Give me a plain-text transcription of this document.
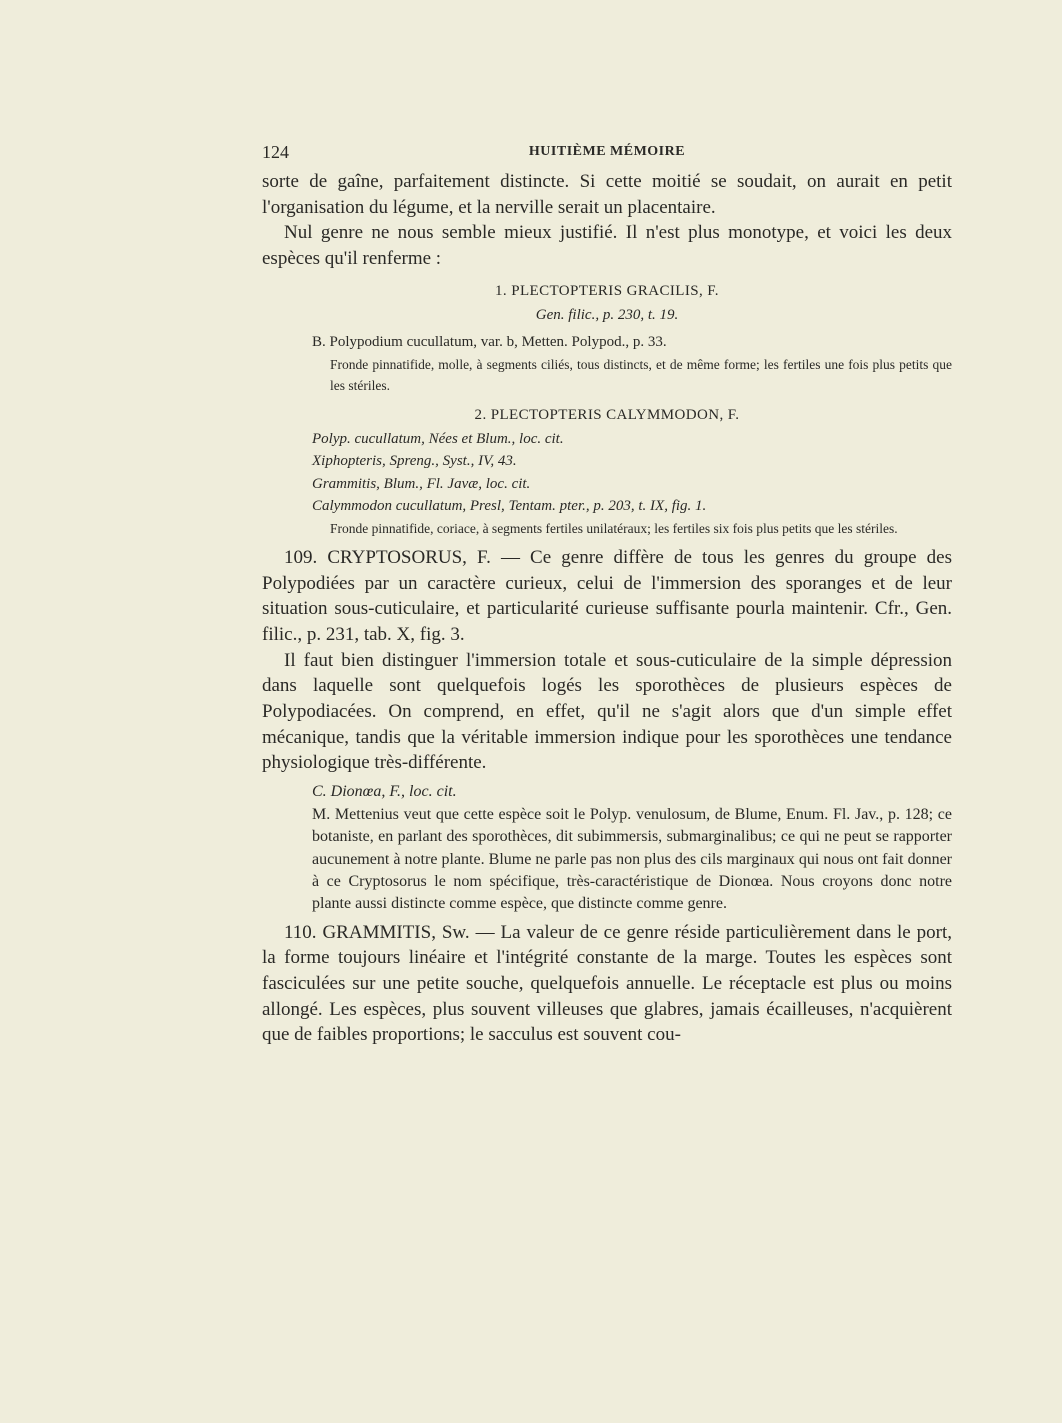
124	HUITIÈME MÉMOIRE

sorte de gaîne, parfaitement distincte. Si cette moitié se soudait, on aurait en petit l'organisation du légume, et la nervillе serait un placentaire.

Nul genre ne nous semble mieux justifié. Il n'est plus monotype, et voici les deux espèces qu'il renferme :

1. PLECTOPTERIS GRACILIS, F.

Gen. filic., p. 230, t. 19.

B. Polypodium cucullatum, var. b, Metten. Polypod., p. 33.

Fronde pinnatifide, molle, à segments ciliés, tous distincts, et de même forme; les fertiles une fois plus petits que les stériles.

2. PLECTOPTERIS CALYMMODON, F.

Polyp. cucullatum, Nées et Blum., loc. cit.

Xiphopteris, Spreng., Syst., IV, 43.

Grammitis, Blum., Fl. Javæ, loc. cit.

Calymmodon cucullatum, Presl, Tentam. pter., p. 203, t. IX, fig. 1.

Fronde pinnatifide, coriace, à segments fertiles unilatéraux; les fertiles six fois plus petits que les stériles.

109. CRYPTOSORUS, F. — Ce genre diffère de tous les genres du groupe des Polypodiées par un caractère curieux, celui de l'immersion des sporanges et de leur situation sous-cuticulaire, et particularité curieuse suffisante pourla maintenir. Cfr., Gen. filic., p. 231, tab. X, fig. 3.

Il faut bien distinguer l'immersion totale et sous-cuticulaire de la simple dépression dans laquelle sont quelquefois logés les sporothèces de plusieurs espèces de Polypodiacées. On comprend, en effet, qu'il ne s'agit alors que d'un simple effet mécanique, tandis que la véritable immersion indique pour les sporothèces une tendance physiologique très-différente.

C. Dionœa, F., loc. cit.

M. Mettenius veut que cette espèce soit le Polyp. venulosum, de Blume, Enum. Fl. Jav., p. 128; ce botaniste, en parlant des sporothèces, dit subimmersis, submarginalibus; ce qui ne peut se rapporter aucunement à notre plante. Blume ne parle pas non plus des cils marginaux qui nous ont fait donner à ce Cryptosorus le nom spécifique, très-caractéristique de Dionœa. Nous croyons donc notre plante aussi distincte comme espèce, que distincte comme genre.

110. GRAMMITIS, Sw. — La valeur de ce genre réside particulièrement dans le port, la forme toujours linéaire et l'intégrité constante de la marge. Toutes les espèces sont fasciculées sur une petite souche, quelquefois annuelle. Le réceptacle est plus ou moins allongé. Les espèces, plus souvent villeuses que glabres, jamais écailleuses, n'acquièrent que de faibles proportions; le sacculus est souvent cou-
